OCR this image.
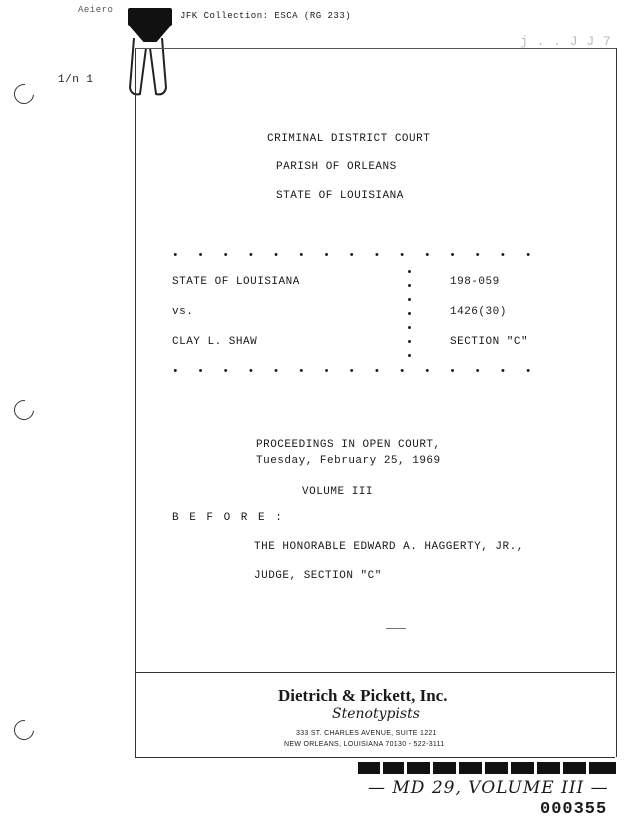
Aeiero
JFK Collection: ESCA (RG 233)
j . . J J 7
1/n 1
CRIMINAL DISTRICT COURT
PARISH OF ORLEANS
STATE OF LOUISIANA
• • • • • • • • • • • • • • •
• • • • • • • • • • • • • • •
STATE OF LOUISIANA
vs.
CLAY L. SHAW
198-059
1426(30)
SECTION "C"
PROCEEDINGS IN OPEN COURT,
Tuesday, February 25, 1969
VOLUME III
B E F O R E :
THE HONORABLE EDWARD A. HAGGERTY, JR.,
JUDGE, SECTION "C"
Dietrich & Pickett, Inc.
Stenotypists
333 ST. CHARLES AVENUE, SUITE 1221
NEW ORLEANS, LOUISIANA 70130 - 522-3111
— MD 29, VOLUME III —
000355
